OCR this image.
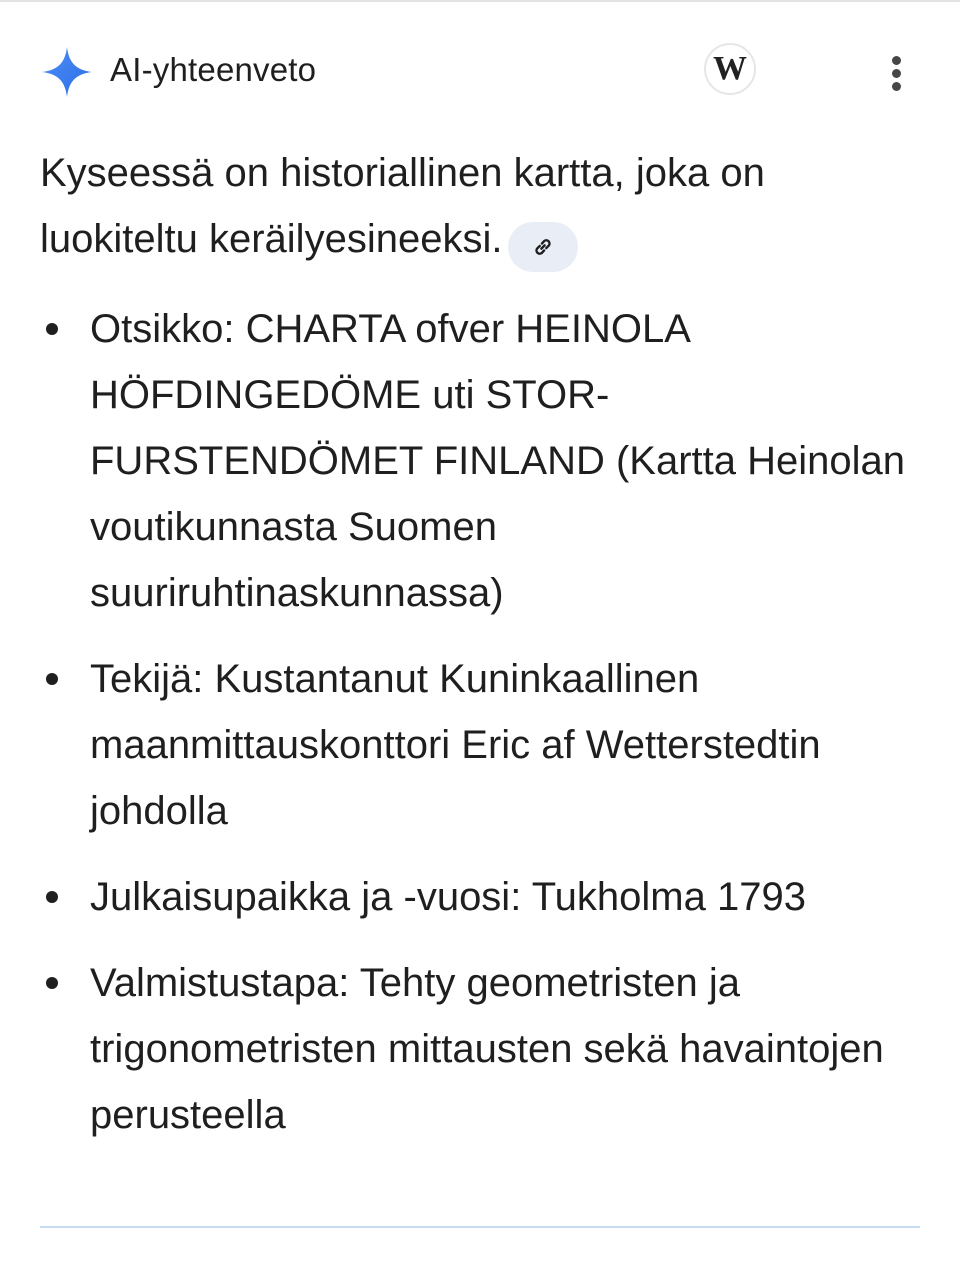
AI-yhteenveto	W

Kyseessä on historiallinen kartta, joka on luokiteltu keräilyesineeksi.

Otsikko: CHARTA ofver HEINOLA HÖFDINGEDÖME uti STOR-FURSTENDÖMET FINLAND (Kartta Heinolan voutikunnasta Suomen suuriruhtinaskunnassa)
Tekijä: Kustantanut Kuninkaallinen maanmittauskonttori Eric af Wetterstedtin johdolla
Julkaisupaikka ja -vuosi: Tukholma 1793
Valmistustapa: Tehty geometristen ja trigonometristen mittausten sekä havaintojen perusteella
